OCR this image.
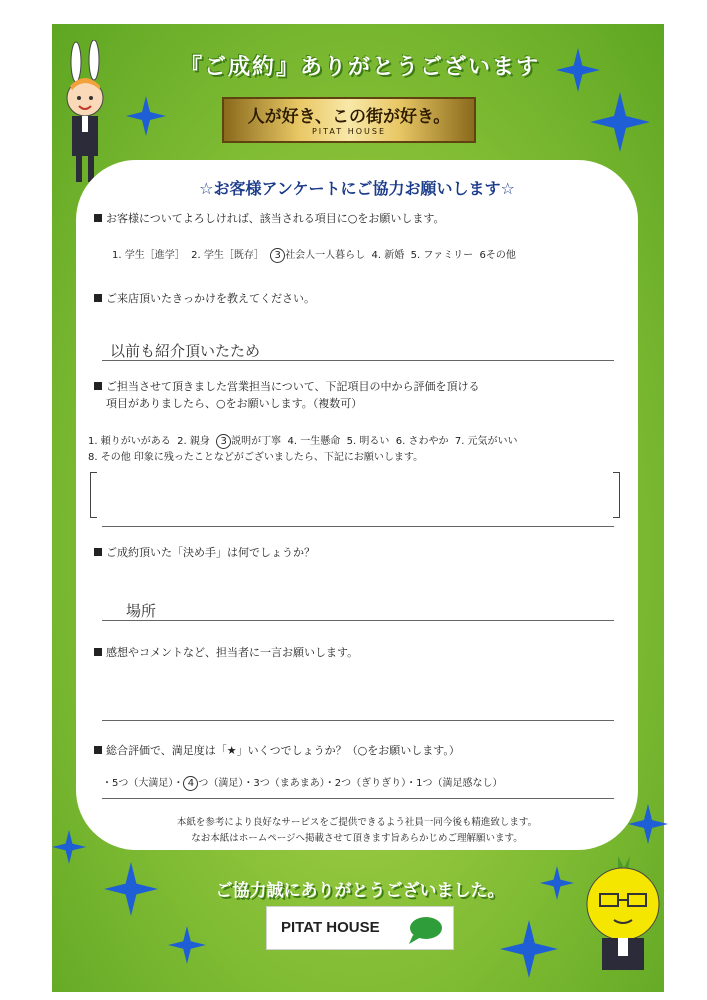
『ご成約』ありがとうございます
人が好き、この街が好き。
PITAT HOUSE
☆お客様アンケートにご協力お願いします☆
お客様についてよろしければ、該当される項目に○をお願いします。
1. 学生［進学］ 2. 学生［既存］ 3 社会人一人暮らし 4. 新婚 5. ファミリー 6その他
ご来店頂いたきっかけを教えてください。
以前も紹介頂いたため
ご担当させて頂きました営業担当について、下記項目の中から評価を頂ける
項目がありましたら、○をお願いします。（複数可）
1. 頼りがいがある 2. 親身 3 説明が丁寧 4. 一生懸命 5. 明るい 6. さわやか 7. 元気がいい
8. その他 印象に残ったことなどがございましたら、下記にお願いします。
ご成約頂いた「決め手」は何でしょうか？
場所
感想やコメントなど、担当者に一言お願いします。
総合評価で、満足度は「★」いくつでしょうか？（○をお願いします。）
・5つ（大満足）・ 4 つ（満足）・3つ（まあまあ）・2つ（ぎりぎり）・1つ（満足感なし）
本紙を参考により良好なサービスをご提供できるよう社員一同今後も精進致します。
なお本紙はホームページへ掲載させて頂きます旨あらかじめご理解願います。
ご協力誠にありがとうございました。
PITAT HOUSE
